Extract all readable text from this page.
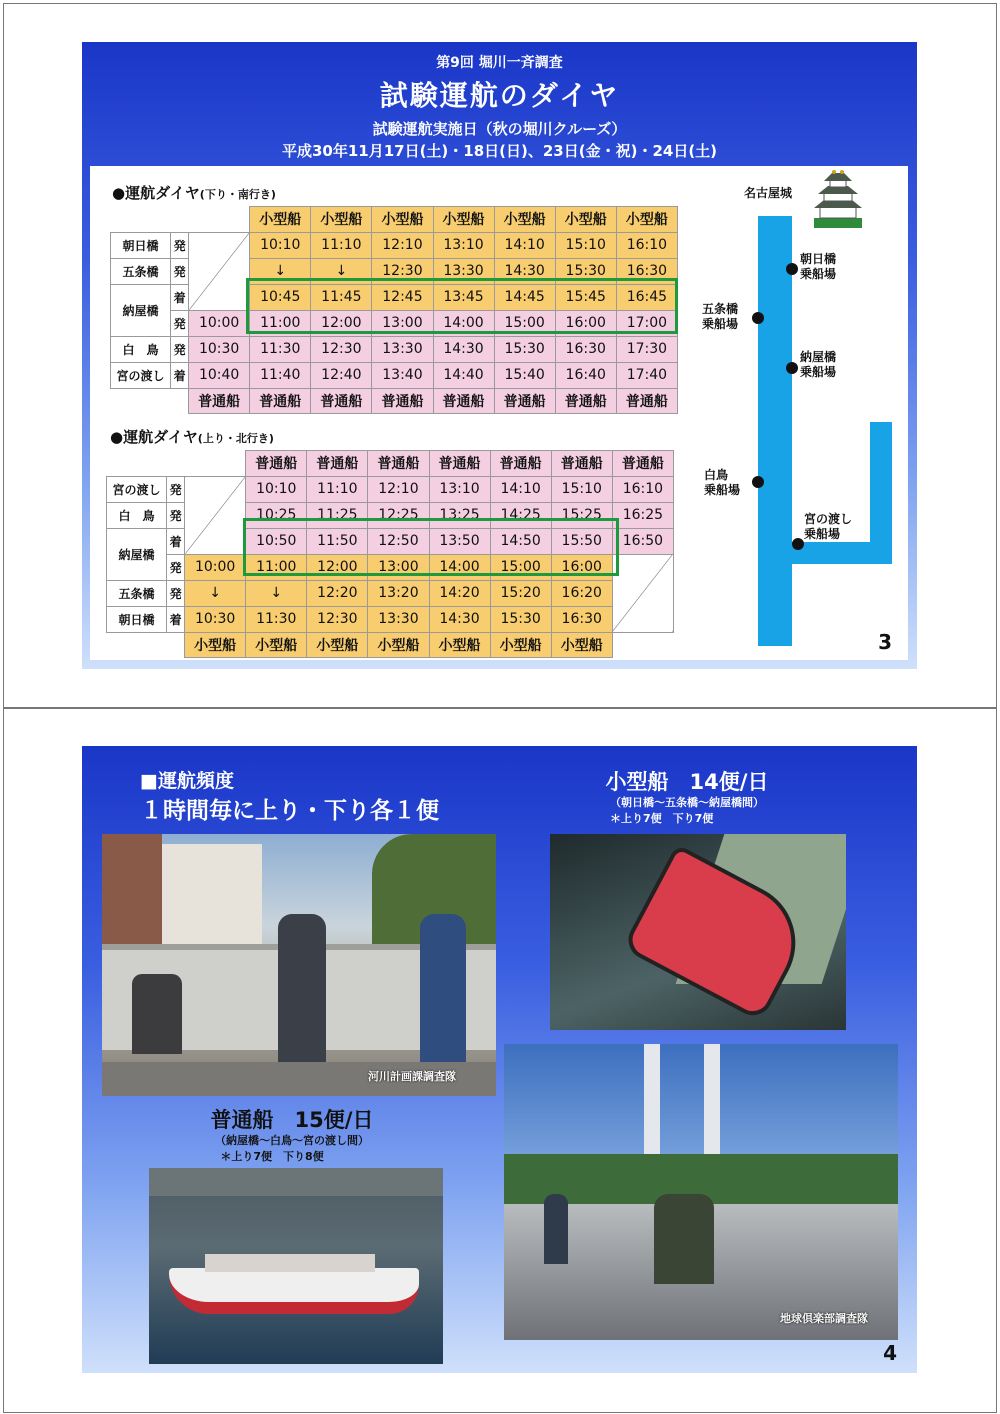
第9回 堀川一斉調査
試験運航のダイヤ
試験運航実施日（秋の堀川クルーズ）
平成30年11月17日(土)・18日(日)、23日(金・祝)・24日(土)
●運航ダイヤ(下り・南行き)
			小型船	小型船	小型船	小型船	小型船	小型船	小型船
朝日橋	発		10:10	11:10	12:10	13:10	14:10	15:10	16:10
五条橋	発		↓	↓	12:30	13:30	14:30	15:30	16:30
納屋橋	着		10:45	11:45	12:45	13:45	14:45	15:45	16:45
	発	10:00	11:00	12:00	13:00	14:00	15:00	16:00	17:00
白　鳥	発	10:30	11:30	12:30	13:30	14:30	15:30	16:30	17:30
宮の渡し	着	10:40	11:40	12:40	13:40	14:40	15:40	16:40	17:40
		普通船	普通船	普通船	普通船	普通船	普通船	普通船	普通船
●運航ダイヤ(上り・北行き)
			普通船	普通船	普通船	普通船	普通船	普通船	普通船
宮の渡し	発		10:10	11:10	12:10	13:10	14:10	15:10	16:10
白　鳥	発		10:25	11:25	12:25	13:25	14:25	15:25	16:25
納屋橋	着		10:50	11:50	12:50	13:50	14:50	15:50	16:50
	発	10:00	11:00	12:00	13:00	14:00	15:00	16:00	
五条橋	発	↓	↓	12:20	13:20	14:20	15:20	16:20	
朝日橋	着	10:30	11:30	12:30	13:30	14:30	15:30	16:30	
		小型船	小型船	小型船	小型船	小型船	小型船	小型船	
名古屋城
朝日橋
乗船場
五条橋
乗船場
納屋橋
乗船場
白鳥
乗船場
宮の渡し
乗船場
3
■運航頻度
１時間毎に上り・下り各１便
小型船　14便/日
（朝日橋～五条橋～納屋橋間）
＊上り7便　下り7便
河川計画課調査隊
普通船　15便/日
（納屋橋～白鳥～宮の渡し間）
＊上り7便　下り8便
地球倶楽部調査隊
4
